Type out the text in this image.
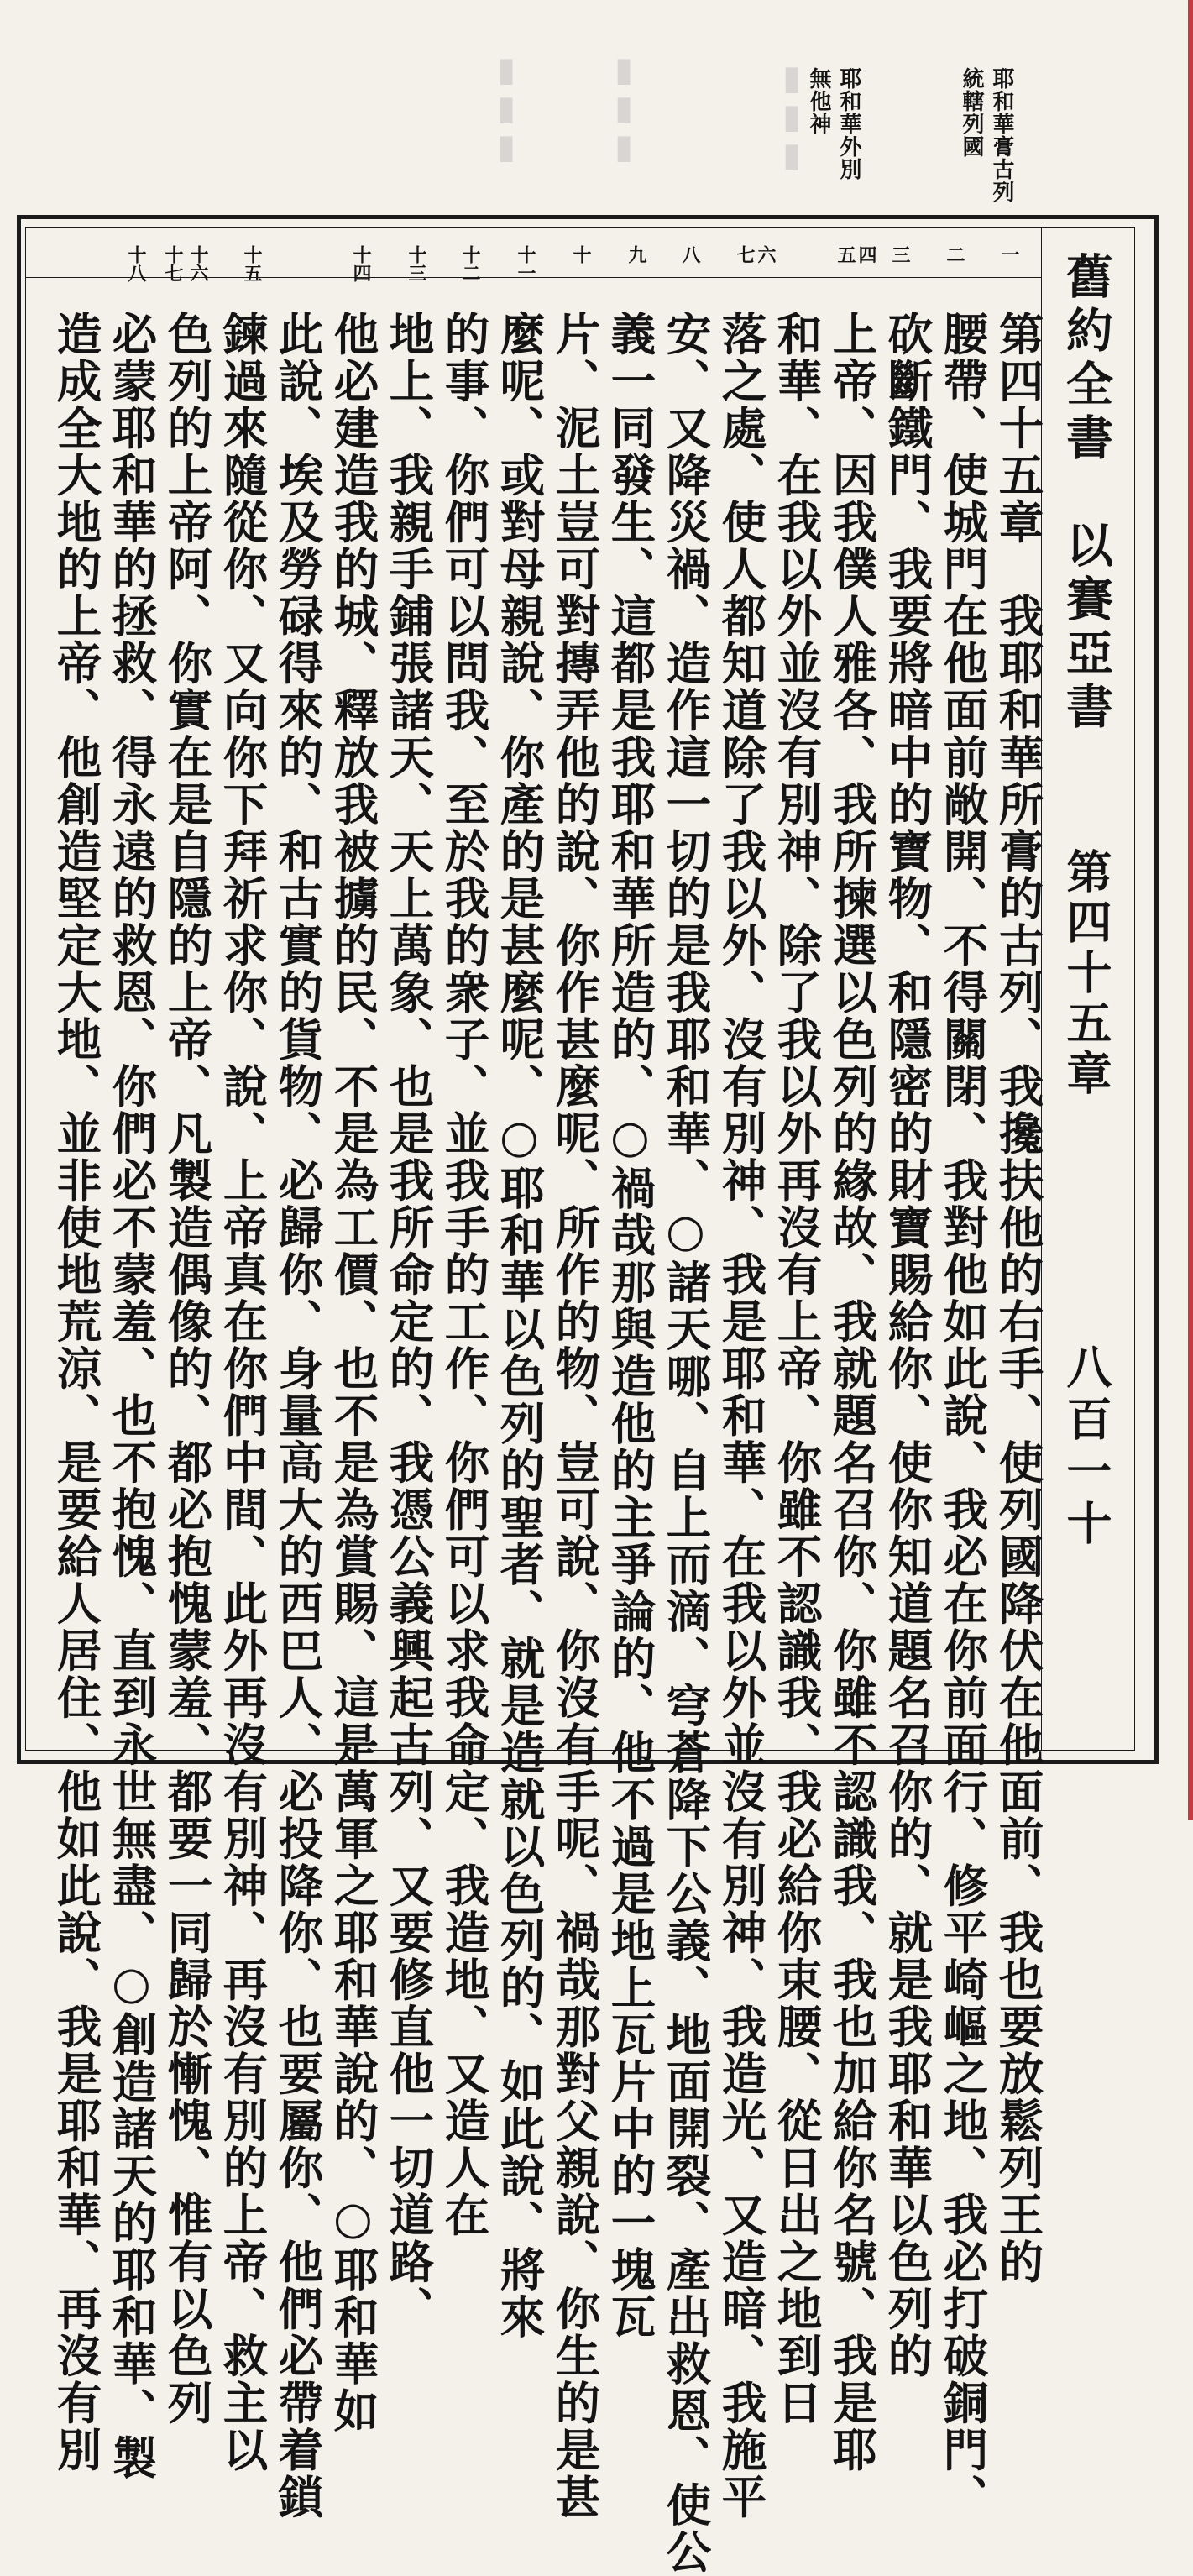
耶和華膏古列
統轄列國
耶和華外別
無他神
▮▮▮
▮▮▮
▮▮▮
舊約全書　以賽亞書
第四十五章
八百一十
一
二
三
四
五
六
七
八
九
十
十一
十二
十三
十四
十五
十六
十七
十八
第四十五章　我耶和華所膏的古列、我攙扶他的右手、使列國降伏在他面前、我也要放鬆列王的
腰帶、使城門在他面前敞開、不得關閉、我對他如此說、我必在你前面行、修平崎嶇之地、我必打破銅門、
砍斷鐵門、我要將暗中的寶物、和隱密的財寶賜給你、使你知道題名召你的、就是我耶和華以色列的
上帝、因我僕人雅各、我所揀選以色列的緣故、我就題名召你、你雖不認識我、我也加給你名號、我是耶
和華、在我以外並沒有別神、除了我以外再沒有上帝、你雖不認識我、我必給你束腰、從日出之地到日
落之處、使人都知道除了我以外、沒有別神、我是耶和華、在我以外並沒有別神、我造光、又造暗、我施平
安、又降災禍、造作這一切的是我耶和華、○諸天哪、自上而滴、穹蒼降下公義、地面開裂、產出救恩、使公
義一同發生、這都是我耶和華所造的、○禍哉那與造他的主爭論的、他不過是地上瓦片中的一塊瓦
片、泥土豈可對摶弄他的說、你作甚麼呢、所作的物、豈可說、你沒有手呢、禍哉那對父親說、你生的是甚
麼呢、或對母親說、你產的是甚麼呢、○耶和華以色列的聖者、就是造就以色列的、如此說、將來
的事、你們可以問我、至於我的衆子、並我手的工作、你們可以求我命定、我造地、又造人在
地上、我親手鋪張諸天、天上萬象、也是我所命定的、我憑公義興起古列、又要修直他一切道路、
他必建造我的城、釋放我被擄的民、不是為工價、也不是為賞賜、這是萬軍之耶和華說的、○耶和華如
此說、埃及勞碌得來的、和古實的貨物、必歸你、身量高大的西巴人、必投降你、也要屬你、他們必帶着鎖
鍊過來隨從你、又向你下拜祈求你、說、上帝真在你們中間、此外再沒有別神、再沒有別的上帝、救主以
色列的上帝阿、你實在是自隱的上帝、凡製造偶像的、都必抱愧蒙羞、都要一同歸於慚愧、惟有以色列
必蒙耶和華的拯救、得永遠的救恩、你們必不蒙羞、也不抱愧、直到永世無盡、○創造諸天的耶和華、製
造成全大地的上帝、他創造堅定大地、並非使地荒涼、是要給人居住、他如此說、我是耶和華、再沒有別
